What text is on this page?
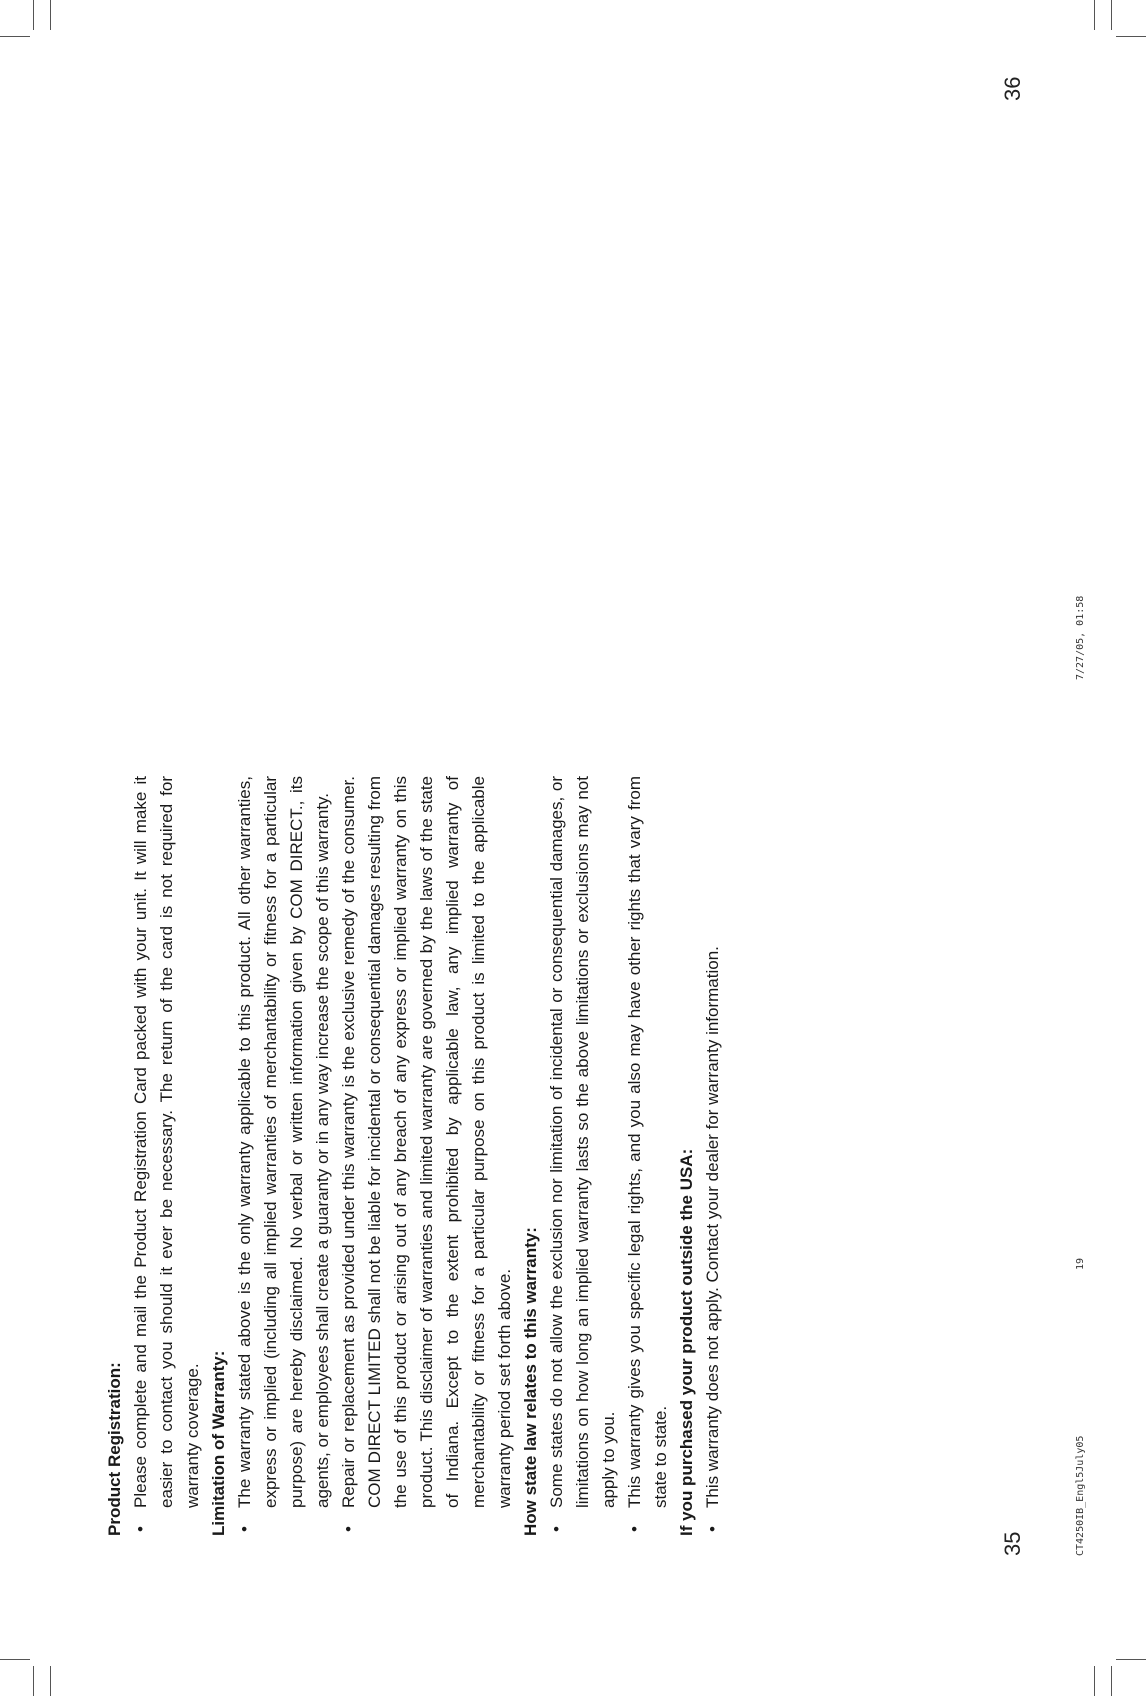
Product Registration: •
Please complete and mail the Product Registration Card packed with your unit. It will make it easier to contact you should it ever be necessary. The return of the card is not required for warranty coverage. Limitation of Warranty: •
The warranty stated above is the only warranty applicable to this product. All other warranties, express or implied (including all implied warranties of merchantability or fitness for a particular purpose) are hereby disclaimed. No verbal or written information given by COM DIRECT., its agents, or employees shall create a guaranty or in any way increase the scope of this warranty.
•
Repair or replacement as provided under this warranty is the exclusive remedy of the consumer. COM DIRECT LIMITED shall not be liable for incidental or consequential damages resulting from the use of this product or arising out of any breach of any express or implied warranty on this product. This disclaimer of warranties and limited warranty are governed by the laws of the state of Indiana. Except to the extent prohibited by applicable law, any implied warranty of merchantability or fitness for a particular purpose on this product is limited to the applicable warranty period set forth above. How state law relates to this warranty: •
Some states do not allow the exclusion nor limitation of incidental or consequential damages, or limitations on how long an implied warranty lasts so the above limitations or exclusions may not apply to you.
•
This warranty gives you specific legal rights, and you also may have other rights that vary from state to state. If you purchased your product outside the USA: •
This warranty does not apply. Contact your dealer for warranty information.
35
36
CT4250IB_Engl5July05
19
7/27/05, 01:58
